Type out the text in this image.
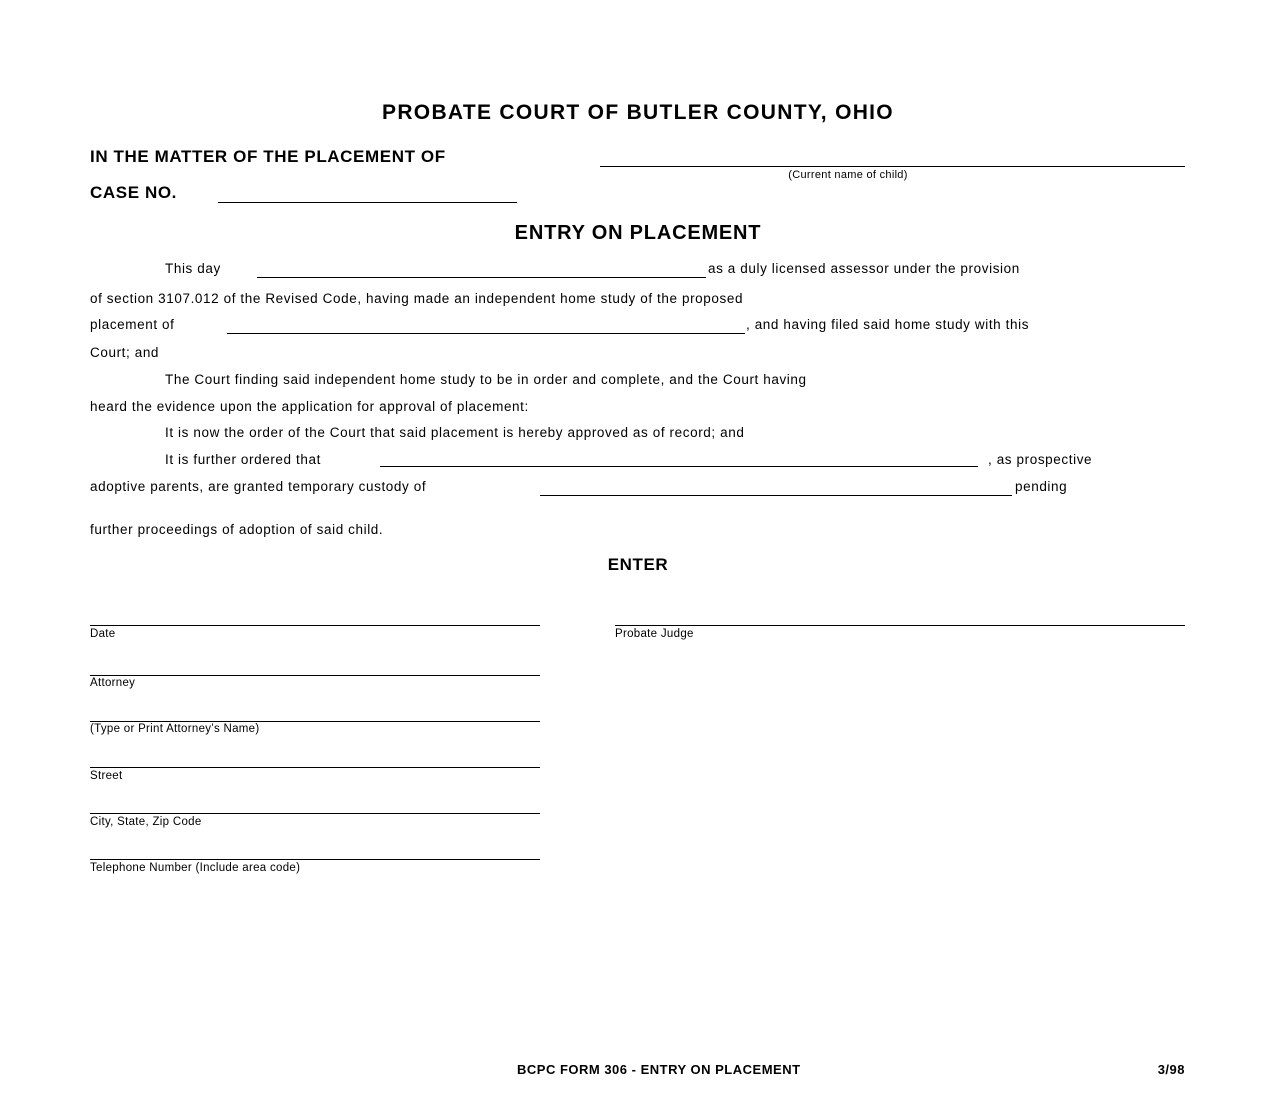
PROBATE COURT OF BUTLER COUNTY, OHIO
IN THE MATTER OF THE PLACEMENT OF
(Current name of child)
CASE NO.
ENTRY ON PLACEMENT
This day	as a duly licensed assessor under the provision
of section 3107.012 of the Revised Code, having made an independent home study of the proposed
placement of	, and having filed said home study with this
Court; and
The Court finding said independent home study to be in order and complete, and the Court having
heard the evidence upon the application for approval of placement:
It is now the order of the Court that said placement is hereby approved as of record; and
It is further ordered that	, as prospective
adoptive parents, are granted temporary custody of	pending
further proceedings of adoption of said child.
ENTER
Date	Probate Judge
Attorney
(Type or Print Attorney’s Name)
Street
City, State, Zip Code
Telephone Number (Include area code)
BCPC FORM 306 - ENTRY ON PLACEMENT	3/98
